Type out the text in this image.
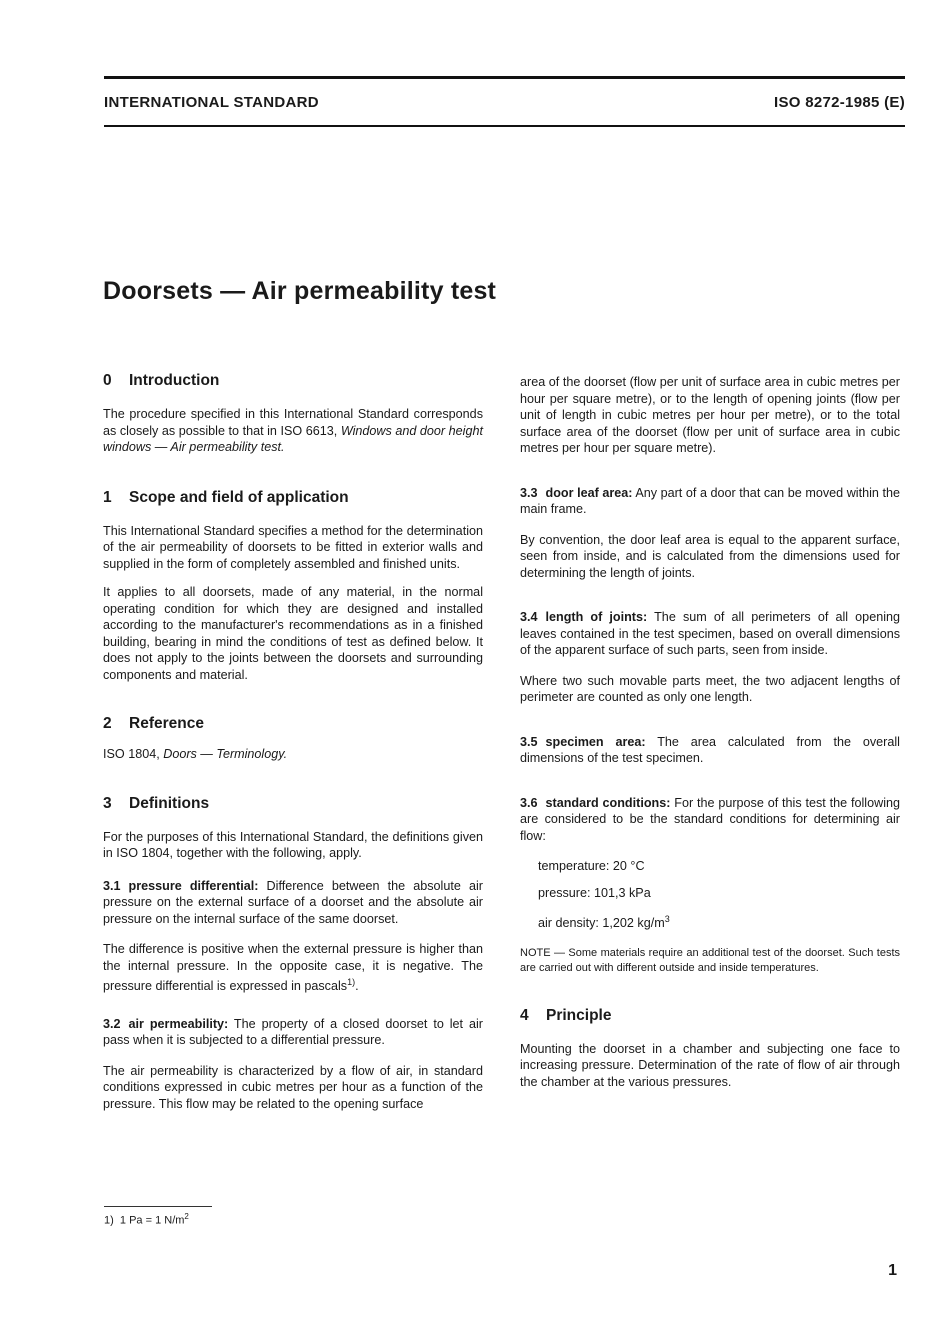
INTERNATIONAL STANDARD	ISO 8272-1985 (E)
Doorsets — Air permeability test
0 Introduction

The procedure specified in this International Standard corresponds as closely as possible to that in ISO 6613, Windows and door height windows — Air permeability test.

1 Scope and field of application

This International Standard specifies a method for the determination of the air permeability of doorsets to be fitted in exterior walls and supplied in the form of completely assembled and finished units.

It applies to all doorsets, made of any material, in the normal operating condition for which they are designed and installed according to the manufacturer's recommendations as in a finished building, bearing in mind the conditions of test as defined below. It does not apply to the joints between the doorsets and surrounding components and material.

2 Reference

ISO 1804, Doors — Terminology.

3 Definitions

For the purposes of this International Standard, the definitions given in ISO 1804, together with the following, apply.

3.1 pressure differential: Difference between the absolute air pressure on the external surface of a doorset and the absolute air pressure on the internal surface of the same doorset.

The difference is positive when the external pressure is higher than the internal pressure. In the opposite case, it is negative. The pressure differential is expressed in pascals$^{1)}$.

3.2 air permeability: The property of a closed doorset to let air pass when it is subjected to a differential pressure.

The air permeability is characterized by a flow of air, in standard conditions expressed in cubic metres per hour as a function of the pressure. This flow may be related to the opening surface

area of the doorset (flow per unit of surface area in cubic metres per hour per square metre), or to the length of opening joints (flow per unit of length in cubic metres per hour per metre), or to the total surface area of the doorset (flow per unit of surface area in cubic metres per hour per square metre).

3.3 door leaf area: Any part of a door that can be moved within the main frame.

By convention, the door leaf area is equal to the apparent surface, seen from inside, and is calculated from the dimensions used for determining the length of joints.

3.4 length of joints: The sum of all perimeters of all opening leaves contained in the test specimen, based on overall dimensions of the apparent surface of such parts, seen from inside.

Where two such movable parts meet, the two adjacent lengths of perimeter are counted as only one length.

3.5 specimen area: The area calculated from the overall dimensions of the test specimen.

3.6 standard conditions: For the purpose of this test the following are considered to be the standard conditions for determining air flow:

temperature: 20 °C
pressure: 101,3 kPa
air density: 1,202 $kg/m^3$

NOTE — Some materials require an additional test of the doorset. Such tests are carried out with different outside and inside temperatures.

4 Principle

Mounting the doorset in a chamber and subjecting one face to increasing pressure. Determination of the rate of flow of air through the chamber at the various pressures.

1) 1 Pa = 1 $N/m^2$
1
